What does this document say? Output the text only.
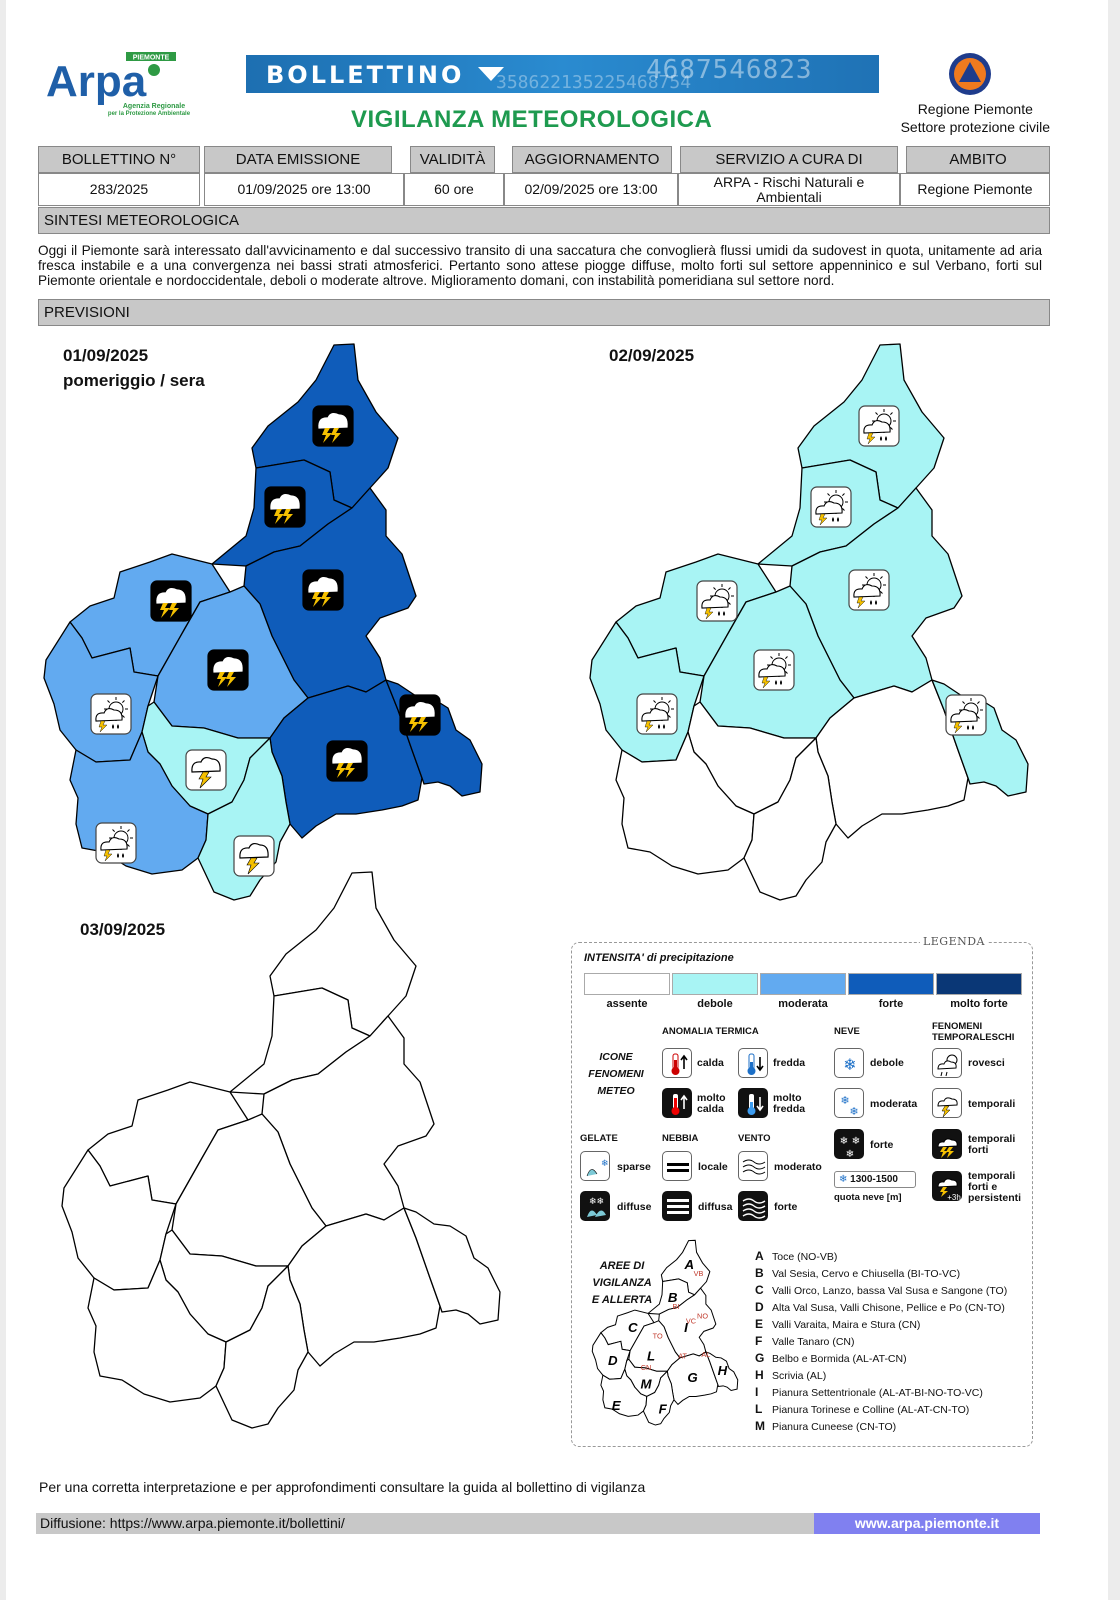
PIEMONTE
Arpa
Agenzia Regionale
per la Protezione Ambientale
4687546823
358622135225468754
BOLLETTINO
VIGILANZA METEOROLOGICA	Regione Piemonte
Settore protezione civile
BOLLETTINO N°	DATA EMISSIONE	VALIDITÀ	AGGIORNAMENTO	SERVIZIO A CURA DI	AMBITO
283/2025	01/09/2025 ore 13:00	60 ore	02/09/2025 ore 13:00	ARPA - Rischi Naturali e Ambientali	Regione Piemonte
SINTESI METEOROLOGICA
Oggi il Piemonte sarà interessato dall'avvicinamento e dal successivo transito di una saccatura che convoglierà flussi umidi da sudovest in quota, unitamente ad aria fresca instabile e a una convergenza nei bassi strati atmosferici. Pertanto sono attese piogge diffuse, molto forti sul settore appenninico e sul Verbano, forti sul Piemonte orientale e nordoccidentale, deboli o moderate altrove. Miglioramento domani, con instabilità pomeridiana sul settore nord.
PREVISIONI
01/09/2025
pomeriggio / sera
02/09/2025
03/09/2025
LEGENDA
INTENSITA' di precipitazione
assente	debole	moderata	forte	molto forte
ANOMALIA TERMICA	NEVE	FENOMENI
TEMPORALESCHI
ICONE
FENOMENI
METEO
calda	fredda
molto
calda
molto
fredda
❄ debole
❄
❄
moderata
❄ ❄
❄
forte
❄ 1300-1500
quota neve [m]
rovesci
temporali
temporali
forti
+3h
temporali
forti e
persistenti
GELATE	NEBBIA	VENTO
❄ sparse
❄❄ diffuse
locale
diffusa
moderato
forte
AREE DI
VIGILANZA
E ALLERTA
A
B
C
D
E F
G H
I
L
M
VB
BI
TO
VC
NO
AT AL
CN
A Toce (NO-VB)
B Val Sesia, Cervo e Chiusella (BI-TO-VC)
C Valli Orco, Lanzo, bassa Val Susa e Sangone (TO)
D Alta Val Susa, Valli Chisone, Pellice e Po (CN-TO)
E Valli Varaita, Maira e Stura (CN)
F Valle Tanaro (CN)
G Belbo e Bormida (AL-AT-CN)
H Scrivia (AL)
I Pianura Settentrionale (AL-AT-BI-NO-TO-VC)
L Pianura Torinese e Colline (AL-AT-CN-TO)
M Pianura Cuneese (CN-TO)
Per una corretta interpretazione e per approfondimenti consultare la guida al bollettino di vigilanza
Diffusione: https://www.arpa.piemonte.it/bollettini/	www.arpa.piemonte.it
